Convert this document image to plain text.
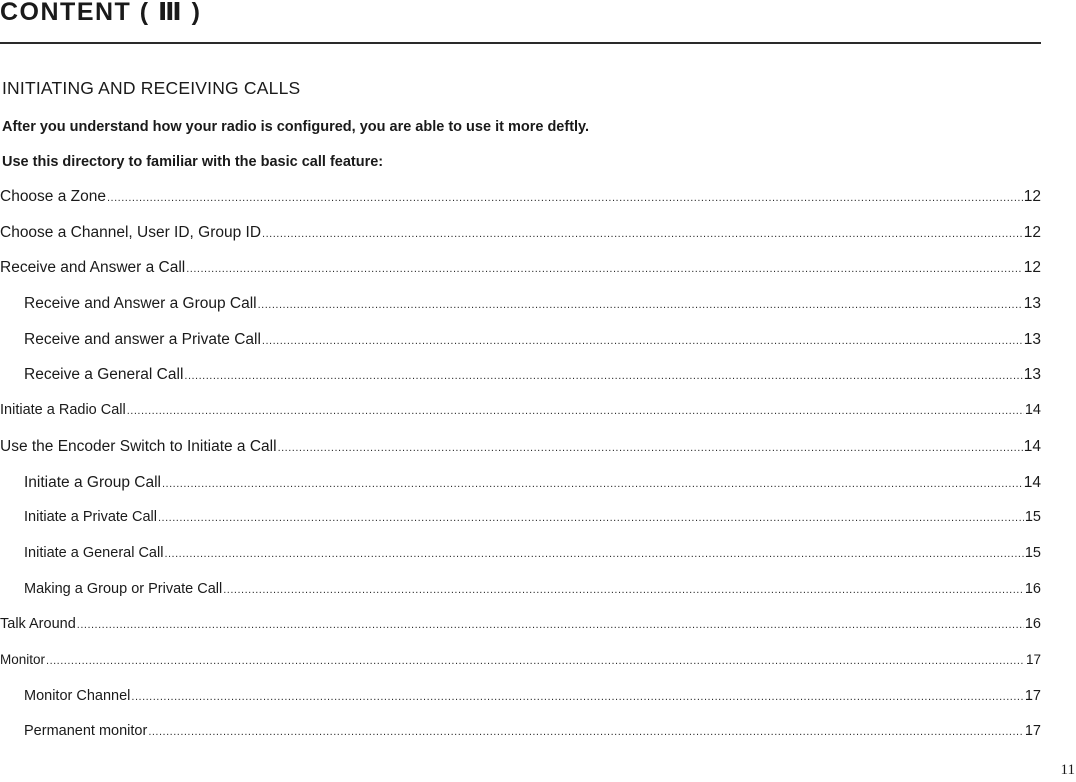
CONTENT ( Ⅲ )
INITIATING AND RECEIVING CALLS
After you understand how your radio is configured, you are able to use it more deftly.
Use this directory to familiar with the basic call feature:
Choose a Zone .....	12
Choose a Channel, User ID, Group ID .....	12
Receive and Answer a Call .....	12
Receive and Answer a Group Call .....	13
Receive and answer a Private Call .....	13
Receive a General Call .....	13
Initiate a Radio Call .....	14
Use the Encoder Switch to Initiate a Call .....	14
Initiate a Group Call .....	14
Initiate a Private Call .....	15
Initiate a General Call .....	15
Making a Group or Private Call .....	16
Talk Around .....	16
Monitor .....	17
Monitor Channel .....	17
Permanent monitor .....	17
11
